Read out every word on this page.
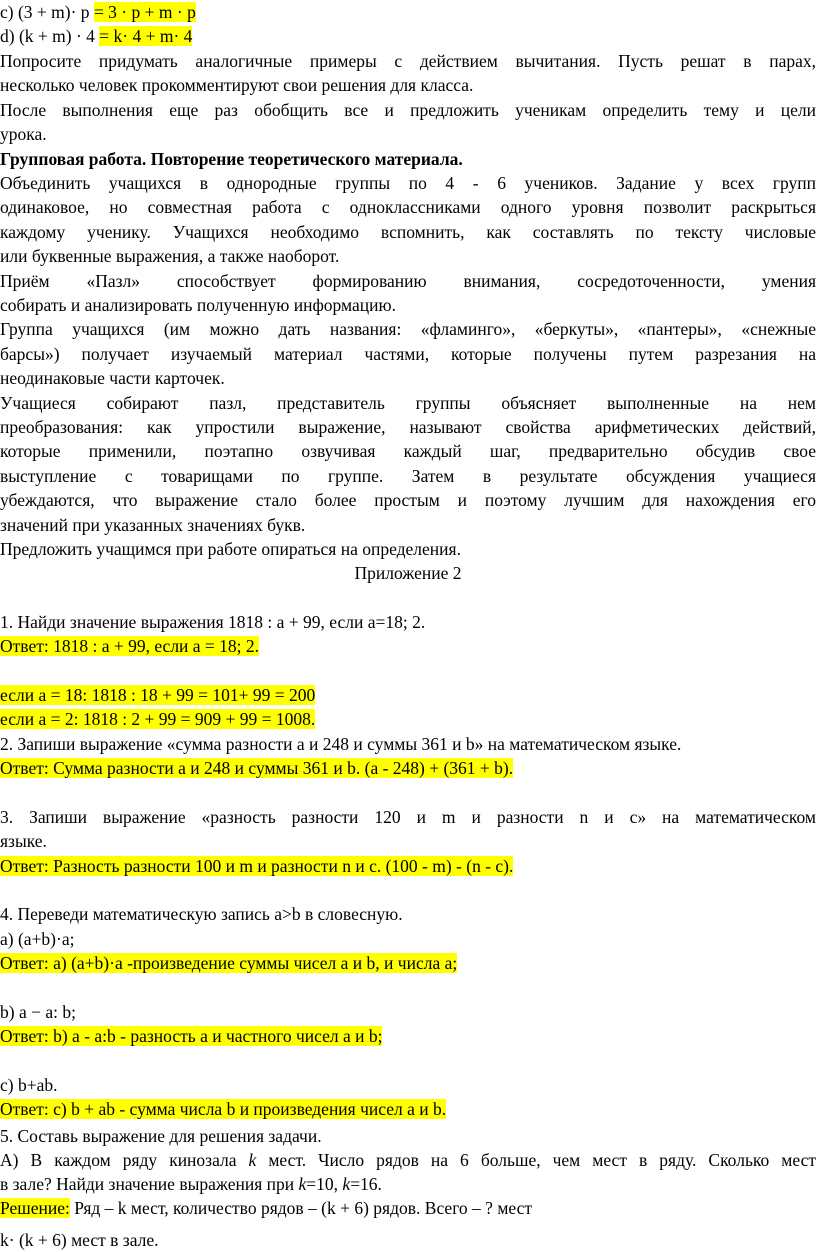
c) (3 + m)· p = 3 · p + m · p
d) (k + m) · 4 = k· 4 + m· 4
Попросите придумать аналогичные примеры с действием вычитания. Пусть решат в парах,
несколько человек прокомментируют свои решения для класса.
После выполнения еще раз обобщить все и предложить ученикам определить тему и цели
урока.
Групповая работа. Повторение теоретического материала.
Объединить учащихся в однородные группы по 4 - 6 учеников. Задание у всех групп
одинаковое, но совместная работа с одноклассниками одного уровня позволит раскрыться
каждому ученику. Учащихся необходимо вспомнить, как составлять по тексту числовые
или буквенные выражения, а также наоборот.
Приём «Пазл» способствует формированию внимания, сосредоточенности, умения
собирать и анализировать полученную информацию.
Группа учащихся (им можно дать названия: «фламинго», «беркуты», «пантеры», «снежные
барсы») получает изучаемый материал частями, которые получены путем разрезания на
неодинаковые части карточек.
Учащиеся собирают пазл, представитель группы объясняет выполненные на нем
преобразования: как упростили выражение, называют свойства арифметических действий,
которые применили, поэтапно озвучивая каждый шаг, предварительно обсудив свое
выступление с товарищами по группе. Затем в результате обсуждения учащиеся
убеждаются, что выражение стало более простым и поэтому лучшим для нахождения его
значений при указанных значениях букв.
Предложить учащимся при работе опираться на определения.
Приложение 2
1. Найди значение выражения 1818 : а + 99, если а=18; 2.
Ответ: 1818 : а + 99, если а = 18; 2.
если а = 18: 1818 : 18 + 99 = 101+ 99 = 200
если а = 2: 1818 : 2 + 99 = 909 + 99 = 1008.
2. Запиши выражение «сумма разности a и 248 и суммы 361 и b» на математическом языке.
Ответ: Сумма разности a и 248 и суммы 361 и b. (a - 248) + (361 + b).
3. Запиши выражение «разность разности 120 и m и разности n и c» на математическом
языке.
Ответ: Разность разности 100 и m и разности n и c. (100 - m) - (n - c).
4. Переведи математическую запись a>b в словесную.
а) (a+b)·a;
Ответ: а) (a+b)·a -произведение суммы чисел a и b, и числа a;
b) a − a: b;
Ответ: b) a - a:b - разность a и частного чисел a и b;
с) b+ab.
Ответ: с) b + ab - сумма числа b и произведения чисел a и b.
5. Составь выражение для решения задачи.
А) В каждом ряду кинозала k мест. Число рядов на 6 больше, чем мест в ряду. Сколько мест
в зале? Найди значение выражения при k=10, k=16.
Решение: Ряд – k мест, количество рядов – (k + 6) рядов. Всего – ? мест
k· (k + 6) мест в зале.
